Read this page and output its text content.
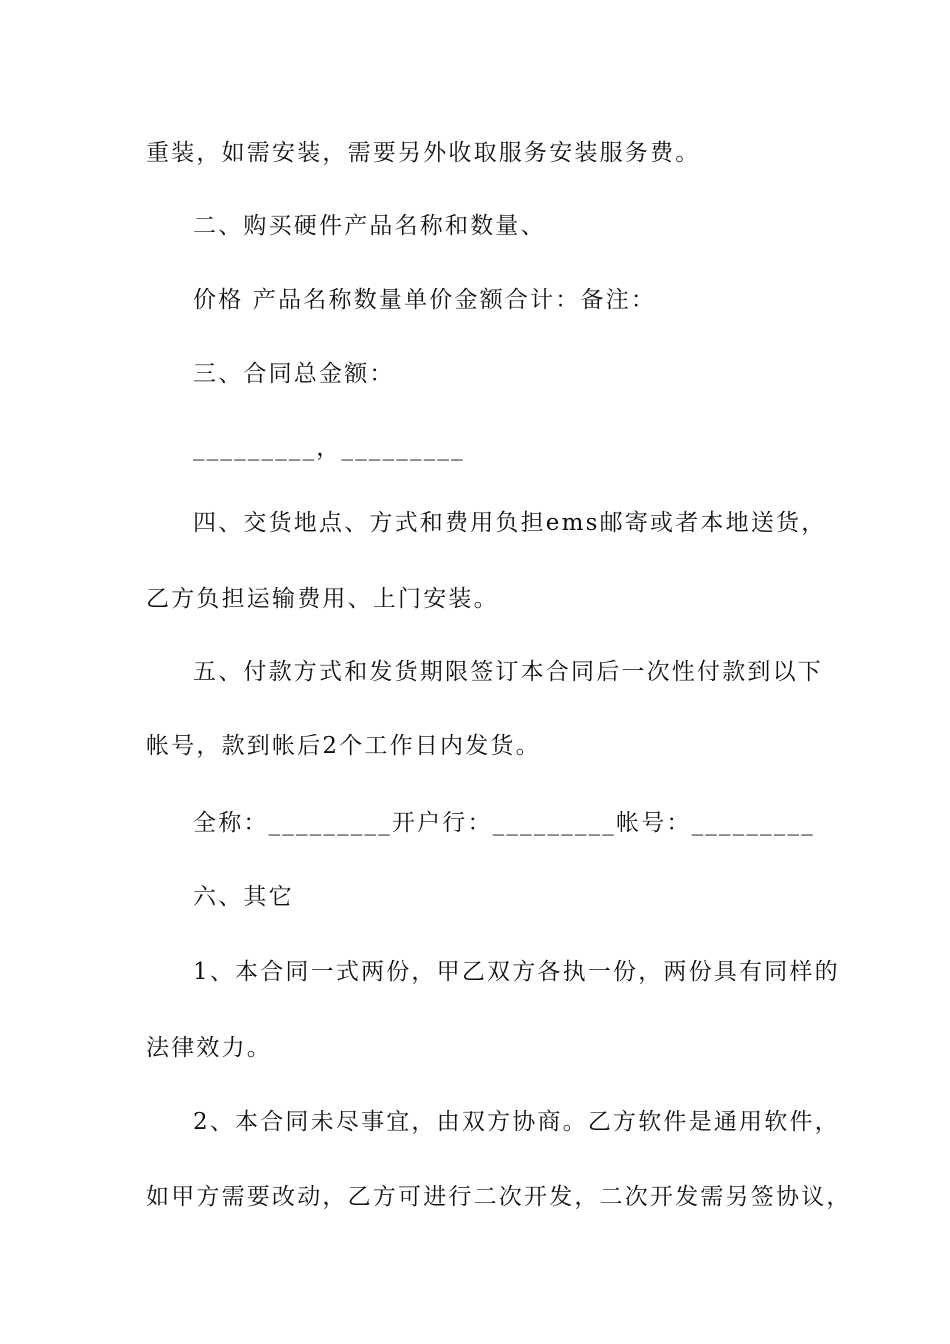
重装，如需安装，需要另外收取服务安装服务费。
二、购买硬件产品名称和数量、
价格 产品名称数量单价金额合计：备注：
三、合同总金额：
_________，_________
四、交货地点、方式和费用负担ems邮寄或者本地送货，
乙方负担运输费用、上门安装。
五、付款方式和发货期限签订本合同后一次性付款到以下
帐号，款到帐后2个工作日内发货。
全称：_________开户行：_________帐号：_________
六、其它
1、本合同一式两份，甲乙双方各执一份，两份具有同样的
法律效力。
2、本合同未尽事宜，由双方协商。乙方软件是通用软件，
如甲方需要改动，乙方可进行二次开发，二次开发需另签协议，
